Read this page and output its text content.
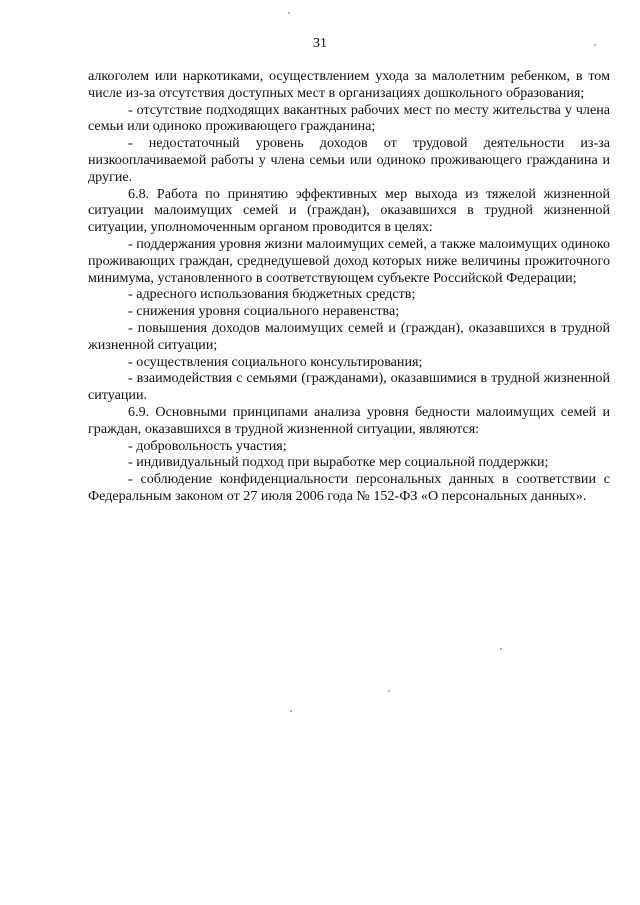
31

алкоголем или наркотиками, осуществлением ухода за малолетним ребенком, в том числе из-за отсутствия доступных мест в организациях дошкольного образования;

- отсутствие подходящих вакантных рабочих мест по месту жительства у члена семьи или одиноко проживающего гражданина;

- недостаточный уровень доходов от трудовой деятельности из-за низкооплачиваемой работы у члена семьи или одиноко проживающего гражданина и другие.

6.8. Работа по принятию эффективных мер выхода из тяжелой жизненной ситуации малоимущих семей и (граждан), оказавшихся в трудной жизненной ситуации, уполномоченным органом проводится в целях:

- поддержания уровня жизни малоимущих семей, а также малоимущих одиноко проживающих граждан, среднедушевой доход которых ниже величины прожиточного минимума, установленного в соответствующем субъекте Российской Федерации;

- адресного использования бюджетных средств;

- снижения уровня социального неравенства;

- повышения доходов малоимущих семей и (граждан), оказавшихся в трудной жизненной ситуации;

- осуществления социального консультирования;

- взаимодействия с семьями (гражданами), оказавшимися в трудной жизненной ситуации.

6.9. Основными принципами анализа уровня бедности малоимущих семей и граждан, оказавшихся в трудной жизненной ситуации, являются:

- добровольность участия;

- индивидуальный подход при выработке мер социальной поддержки;

- соблюдение конфиденциальности персональных данных в соответствии с Федеральным законом от 27 июля 2006 года № 152-ФЗ «О персональных данных».
